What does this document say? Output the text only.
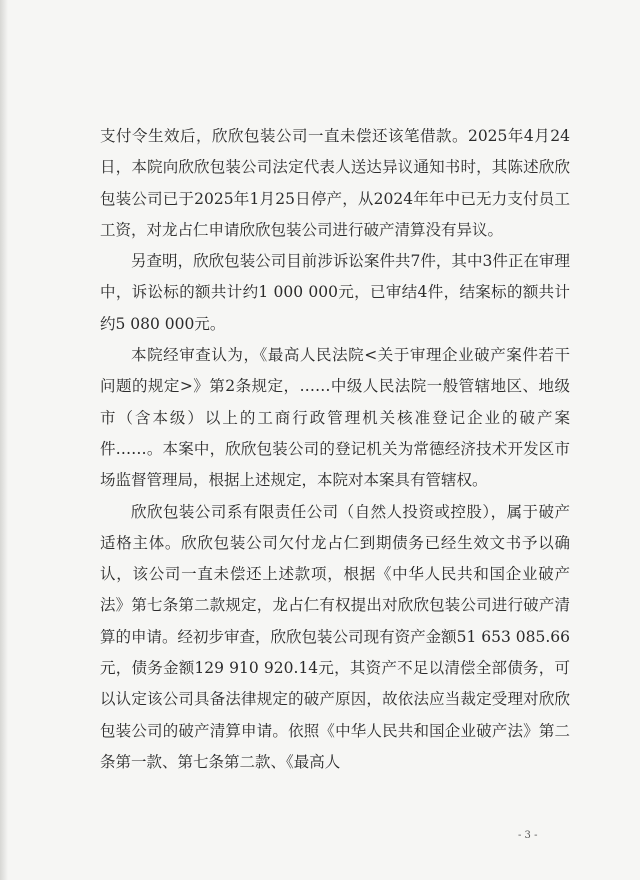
支付令生效后，欣欣包装公司一直未偿还该笔借款。2025年4月24日，本院向欣欣包装公司法定代表人送达异议通知书时，其陈述欣欣包装公司已于2025年1月25日停产，从2024年年中已无力支付员工工资，对龙占仁申请欣欣包装公司进行破产清算没有异议。

另查明，欣欣包装公司目前涉诉讼案件共7件，其中3件正在审理中，诉讼标的额共计约1 000 000元，已审结4件，结案标的额共计约5 080 000元。

本院经审查认为，《最高人民法院<关于审理企业破产案件若干问题的规定>》第2条规定，……中级人民法院一般管辖地区、地级市（含本级）以上的工商行政管理机关核准登记企业的破产案件……。本案中，欣欣包装公司的登记机关为常德经济技术开发区市场监督管理局，根据上述规定，本院对本案具有管辖权。

欣欣包装公司系有限责任公司（自然人投资或控股），属于破产适格主体。欣欣包装公司欠付龙占仁到期债务已经生效文书予以确认，该公司一直未偿还上述款项，根据《中华人民共和国企业破产法》第七条第二款规定，龙占仁有权提出对欣欣包装公司进行破产清算的申请。经初步审查，欣欣包装公司现有资产金额51 653 085.66元，债务金额129 910 920.14元，其资产不足以清偿全部债务，可以认定该公司具备法律规定的破产原因，故依法应当裁定受理对欣欣包装公司的破产清算申请。依照《中华人民共和国企业破产法》第二条第一款、第七条第二款、《最高人

- 3 -
